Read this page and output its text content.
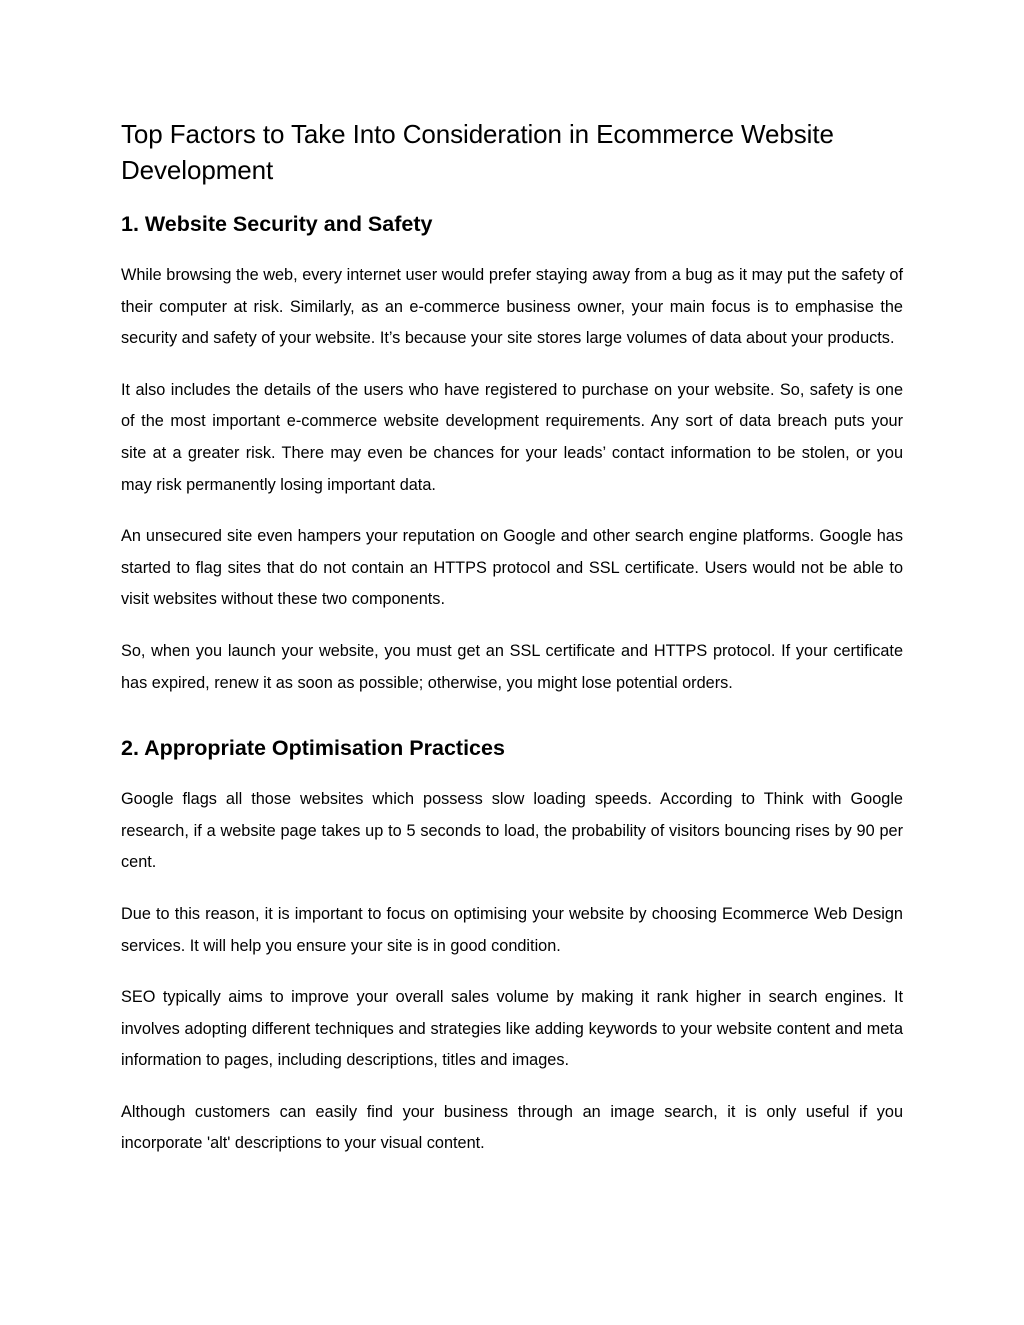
Top Factors to Take Into Consideration in Ecommerce Website Development
1. Website Security and Safety

While browsing the web, every internet user would prefer staying away from a bug as it may put the safety of their computer at risk. Similarly, as an e-commerce business owner, your main focus is to emphasise the security and safety of your website. It’s because your site stores large volumes of data about your products.

It also includes the details of the users who have registered to purchase on your website. So, safety is one of the most important e-commerce website development requirements. Any sort of data breach puts your site at a greater risk. There may even be chances for your leads’ contact information to be stolen, or you may risk permanently losing important data.

An unsecured site even hampers your reputation on Google and other search engine platforms. Google has started to flag sites that do not contain an HTTPS protocol and SSL certificate. Users would not be able to visit websites without these two components.

So, when you launch your website, you must get an SSL certificate and HTTPS protocol. If your certificate has expired, renew it as soon as possible; otherwise, you might lose potential orders.

2. Appropriate Optimisation Practices

Google flags all those websites which possess slow loading speeds. According to Think with Google research, if a website page takes up to 5 seconds to load, the probability of visitors bouncing rises by 90 per cent.

Due to this reason, it is important to focus on optimising your website by choosing Ecommerce Web Design services. It will help you ensure your site is in good condition.

SEO typically aims to improve your overall sales volume by making it rank higher in search engines. It involves adopting different techniques and strategies like adding keywords to your website content and meta information to pages, including descriptions, titles and images.

Although customers can easily find your business through an image search, it is only useful if you incorporate 'alt' descriptions to your visual content.
